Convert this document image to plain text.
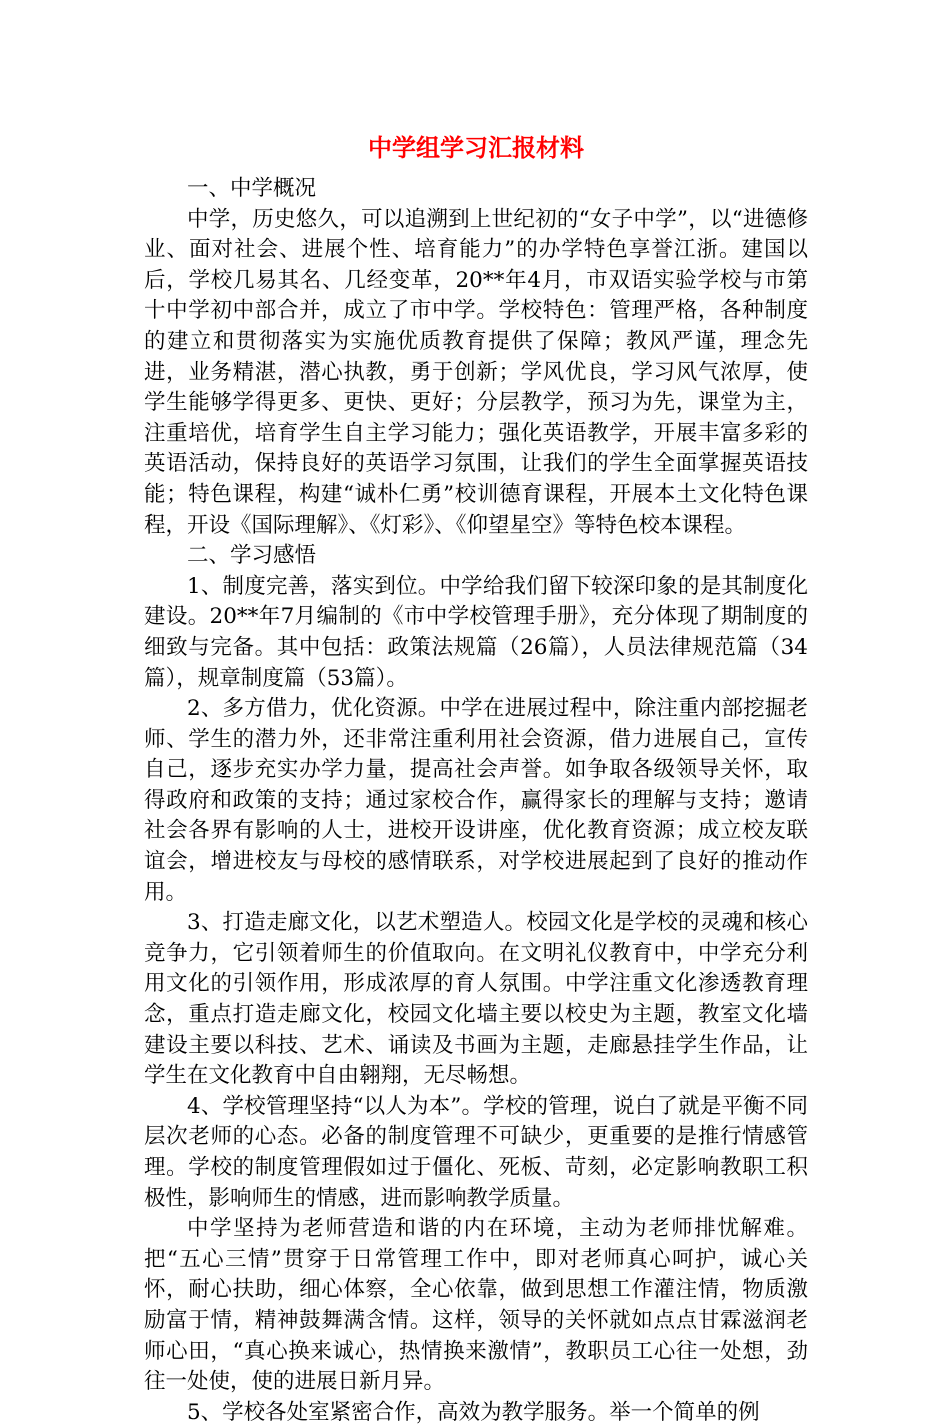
中学组学习汇报材料

一、中学概况

中学，历史悠久，可以追溯到上世纪初的“女子中学”，以“进德修业、面对社会、进展个性、培育能力”的办学特色享誉江浙。建国以后，学校几易其名、几经变革，20**年4月，市双语实验学校与市第十中学初中部合并，成立了市中学。学校特色：管理严格，各种制度的建立和贯彻落实为实施优质教育提供了保障；教风严谨，理念先进，业务精湛，潜心执教，勇于创新；学风优良，学习风气浓厚，使学生能够学得更多、更快、更好；分层教学，预习为先，课堂为主，注重培优，培育学生自主学习能力；强化英语教学，开展丰富多彩的英语活动，保持良好的英语学习氛围，让我们的学生全面掌握英语技能；特色课程，构建“诚朴仁勇”校训德育课程，开展本土文化特色课程，开设《国际理解》、《灯彩》、《仰望星空》等特色校本课程。

二、学习感悟

1、制度完善，落实到位。中学给我们留下较深印象的是其制度化建设。20**年7月编制的《市中学校管理手册》，充分体现了期制度的细致与完备。其中包括：政策法规篇（26篇），人员法律规范篇（34篇），规章制度篇（53篇）。

2、多方借力，优化资源。中学在进展过程中，除注重内部挖掘老师、学生的潜力外，还非常注重利用社会资源，借力进展自己，宣传自己，逐步充实办学力量，提高社会声誉。如争取各级领导关怀，取得政府和政策的支持；通过家校合作，赢得家长的理解与支持；邀请社会各界有影响的人士，进校开设讲座，优化教育资源；成立校友联谊会，增进校友与母校的感情联系，对学校进展起到了良好的推动作用。

3、打造走廊文化，以艺术塑造人。校园文化是学校的灵魂和核心竞争力，它引领着师生的价值取向。在文明礼仪教育中，中学充分利用文化的引领作用，形成浓厚的育人氛围。中学注重文化渗透教育理念，重点打造走廊文化，校园文化墙主要以校史为主题，教室文化墙建设主要以科技、艺术、诵读及书画为主题，走廊悬挂学生作品，让学生在文化教育中自由翱翔，无尽畅想。

4、学校管理坚持“以人为本”。学校的管理，说白了就是平衡不同层次老师的心态。必备的制度管理不可缺少，更重要的是推行情感管理。学校的制度管理假如过于僵化、死板、苛刻，必定影响教职工积极性，影响师生的情感，进而影响教学质量。

中学坚持为老师营造和谐的内在环境，主动为老师排忧解难。把“五心三情”贯穿于日常管理工作中，即对老师真心呵护，诚心关怀，耐心扶助，细心体察，全心依靠，做到思想工作灌注情，物质激励富于情，精神鼓舞满含情。这样，领导的关怀就如点点甘霖滋润老师心田，“真心换来诚心，热情换来激情”，教职员工心往一处想，劲往一处使，使的进展日新月异。

5、学校各处室紧密合作，高效为教学服务。举一个简单的例
